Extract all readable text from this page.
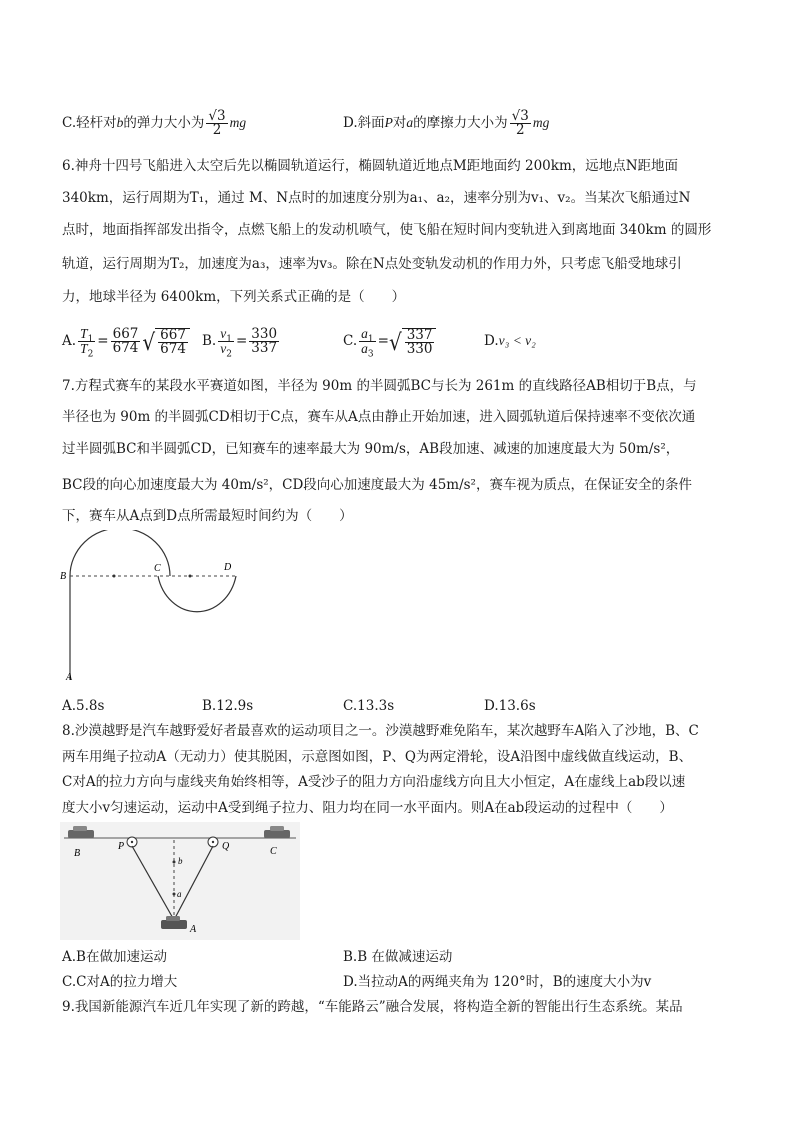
C.轻杆对b的弹力大小为 $\frac{√3}{2}$ mg	D.斜面P对a的摩擦力大小为 $\frac{√3}{2}$ mg
6.神舟十四号飞船进入太空后先以椭圆轨道运行，椭圆轨道近地点M距地面约 200km，远地点N距地面
340km，运行周期为T₁，通过 M、N点时的加速度分别为a₁、a₂，速率分别为v₁、v₂。当某次飞船通过N
点时，地面指挥部发出指令，点燃飞船上的发动机喷气，使飞船在短时间内变轨进入到离地面 340km 的圆形
轨道，运行周期为T₂，加速度为a₃，速率为v₃。除在N点处变轨发动机的作用力外，只考虑飞船受地球引
力，地球半径为 6400km，下列关系式正确的是（　　）
A. $\frac{T_1}{T_2} = \frac{667}{674}$ √ $\frac{667}{674} B$. $\frac{v_1}{v_2} = \frac{330}{337}$	C. $\frac{a_1}{a_3}$ = √ $\frac{337}{330}$	D.v₃ < v₂
7.方程式赛车的某段水平赛道如图，半径为 90m 的半圆弧BC与长为 261m 的直线路径AB相切于B点，与
半径也为 90m 的半圆弧CD相切于C点，赛车从A点由静止开始加速，进入圆弧轨道后保持速率不变依次通
过半圆弧BC和半圆弧CD，已知赛车的速率最大为 90m/s，AB段加速、减速的加速度最大为 50m/s²，
BC段的向心加速度最大为 40m/s²，CD段向心加速度最大为 45m/s²，赛车视为质点，在保证安全的条件
下，赛车从A点到D点所需最短时间约为（　　）
B
C	D
A
A.5.8s	B.12.9s	C.13.3s	D.13.6s
8.沙漠越野是汽车越野爱好者最喜欢的运动项目之一。沙漠越野难免陷车，某次越野车A陷入了沙地，B、C
两车用绳子拉动A（无动力）使其脱困，示意图如图，P、Q为两定滑轮，设A沿图中虚线做直线运动，B、
C对A的拉力方向与虚线夹角始终相等，A受沙子的阻力方向沿虚线方向且大小恒定，A在虚线上ab段以速
度大小v匀速运动，运动中A受到绳子拉力、阻力均在同一水平面内。则A在ab段运动的过程中（　　）
B
P	Q	C
b
a
A
A.B在做加速运动	B.B 在做减速运动
C.C对A的拉力增大	D.当拉动A的两绳夹角为 120°时，B的速度大小为v
9.我国新能源汽车近几年实现了新的跨越，“车能路云”融合发展，将构造全新的智能出行生态系统。某品
